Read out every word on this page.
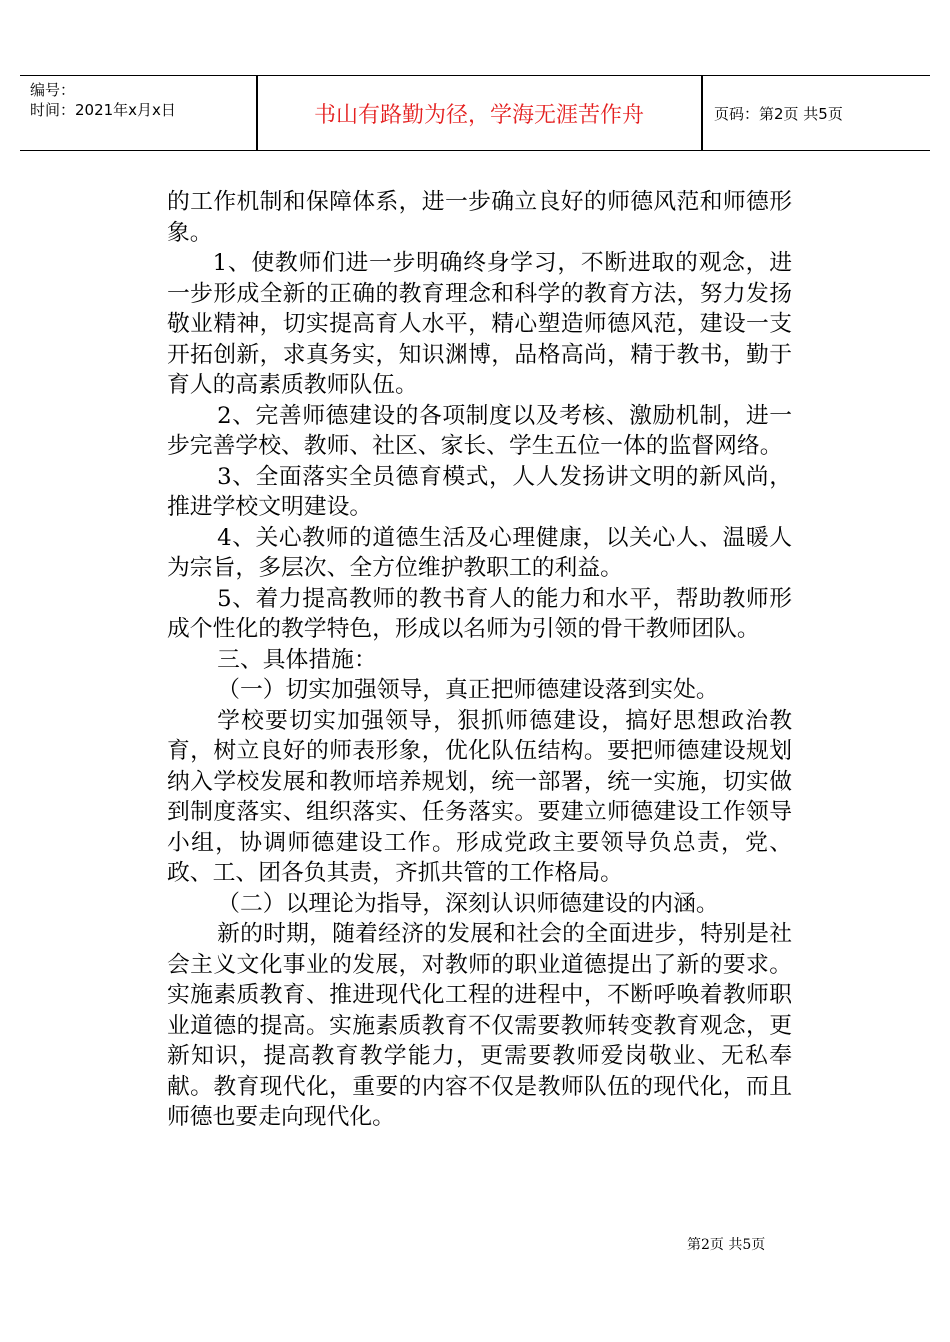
编号：
时间：2021年x月x日	书山有路勤为径，学海无涯苦作舟	页码：第2页 共5页

的工作机制和保障体系，进一步确立良好的师德风范和师德形象。

1、使教师们进一步明确终身学习，不断进取的观念，进一步形成全新的正确的教育理念和科学的教育方法，努力发扬敬业精神，切实提高育人水平，精心塑造师德风范，建设一支开拓创新，求真务实，知识渊博，品格高尚，精于教书，勤于育人的高素质教师队伍。

2、完善师德建设的各项制度以及考核、激励机制，进一步完善学校、教师、社区、家长、学生五位一体的监督网络。

3、全面落实全员德育模式，人人发扬讲文明的新风尚，推进学校文明建设。

4、关心教师的道德生活及心理健康，以关心人、温暖人为宗旨，多层次、全方位维护教职工的利益。

5、着力提高教师的教书育人的能力和水平，帮助教师形成个性化的教学特色，形成以名师为引领的骨干教师团队。

三、具体措施：

（一）切实加强领导，真正把师德建设落到实处。

学校要切实加强领导，狠抓师德建设，搞好思想政治教育，树立良好的师表形象，优化队伍结构。要把师德建设规划纳入学校发展和教师培养规划，统一部署，统一实施，切实做到制度落实、组织落实、任务落实。要建立师德建设工作领导小组，协调师德建设工作。形成党政主要领导负总责，党、政、工、团各负其责，齐抓共管的工作格局。

（二）以理论为指导，深刻认识师德建设的内涵。

新的时期，随着经济的发展和社会的全面进步，特别是社会主义文化事业的发展，对教师的职业道德提出了新的要求。实施素质教育、推进现代化工程的进程中，不断呼唤着教师职业道德的提高。实施素质教育不仅需要教师转变教育观念，更新知识，提高教育教学能力，更需要教师爱岗敬业、无私奉献。教育现代化，重要的内容不仅是教师队伍的现代化，而且师德也要走向现代化。

第2页 共5页
